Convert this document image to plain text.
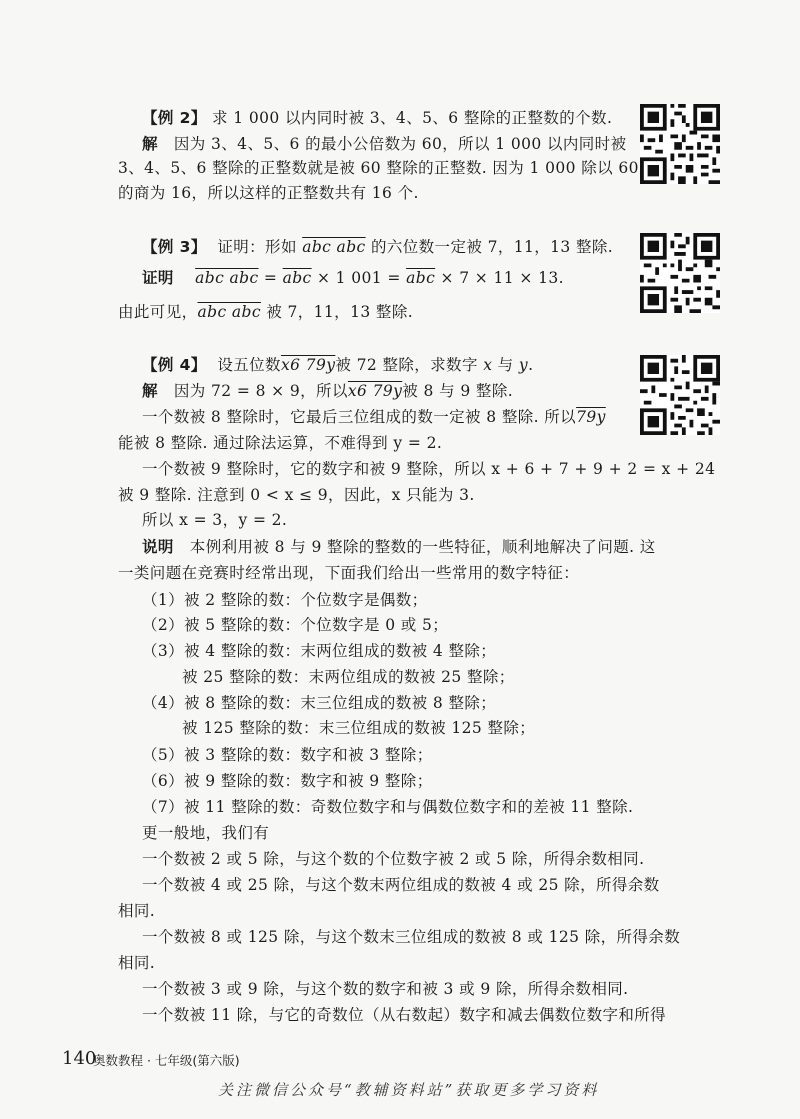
【例 2】 求 1 000 以内同时被 3、4、5、6 整除的正整数的个数.
解 因为 3、4、5、6 的最小公倍数为 60，所以 1 000 以内同时被
3、4、5、6 整除的正整数就是被 60 整除的正整数. 因为 1 000 除以 60
的商为 16，所以这样的正整数共有 16 个.
【例 3】 证明：形如 abc abc 的六位数一定被 7，11，13 整除.
证明 abc abc = $\overline{abc} \times 1$ $001 = \overline{abc} \times 7 \times 11 \times 13$.
由此可见，abc abc 被 7，11，13 整除.
【例 4】 设五位数x6 79y被 72 整除，求数字 x 与 y.
解 因为 72 = 8 × 9，所以x6 79y被 8 与 9 整除.
一个数被 8 整除时，它最后三位组成的数一定被 8 整除. 所以79y
能被 8 整除. 通过除法运算，不难得到 y = 2.
一个数被 9 整除时，它的数字和被 9 整除，所以 x + 6 + 7 + 9 + 2 = x + 24
被 9 整除. 注意到 0 < x ≤ 9，因此，x 只能为 3.
所以 x = 3，y = 2.
说明 本例利用被 8 与 9 整除的整数的一些特征，顺利地解决了问题. 这
一类问题在竞赛时经常出现，下面我们给出一些常用的数字特征：
（1）被 2 整除的数：个位数字是偶数；
（2）被 5 整除的数：个位数字是 0 或 5；
（3）被 4 整除的数：末两位组成的数被 4 整除；
被 25 整除的数：末两位组成的数被 25 整除；
（4）被 8 整除的数：末三位组成的数被 8 整除；
被 125 整除的数：末三位组成的数被 125 整除；
（5）被 3 整除的数：数字和被 3 整除；
（6）被 9 整除的数：数字和被 9 整除；
（7）被 11 整除的数：奇数位数字和与偶数位数字和的差被 11 整除.
更一般地，我们有
一个数被 2 或 5 除，与这个数的个位数字被 2 或 5 除，所得余数相同.
一个数被 4 或 25 除，与这个数末两位组成的数被 4 或 25 除，所得余数
相同.
一个数被 8 或 125 除，与这个数末三位组成的数被 8 或 125 除，所得余数
相同.
一个数被 3 或 9 除，与这个数的数字和被 3 或 9 除，所得余数相同.
一个数被 11 除，与它的奇数位（从右数起）数字和减去偶数位数字和所得
140
奥数教程 · 七年级(第六版)
关注微信公众号“教辅资料站”获取更多学习资料
